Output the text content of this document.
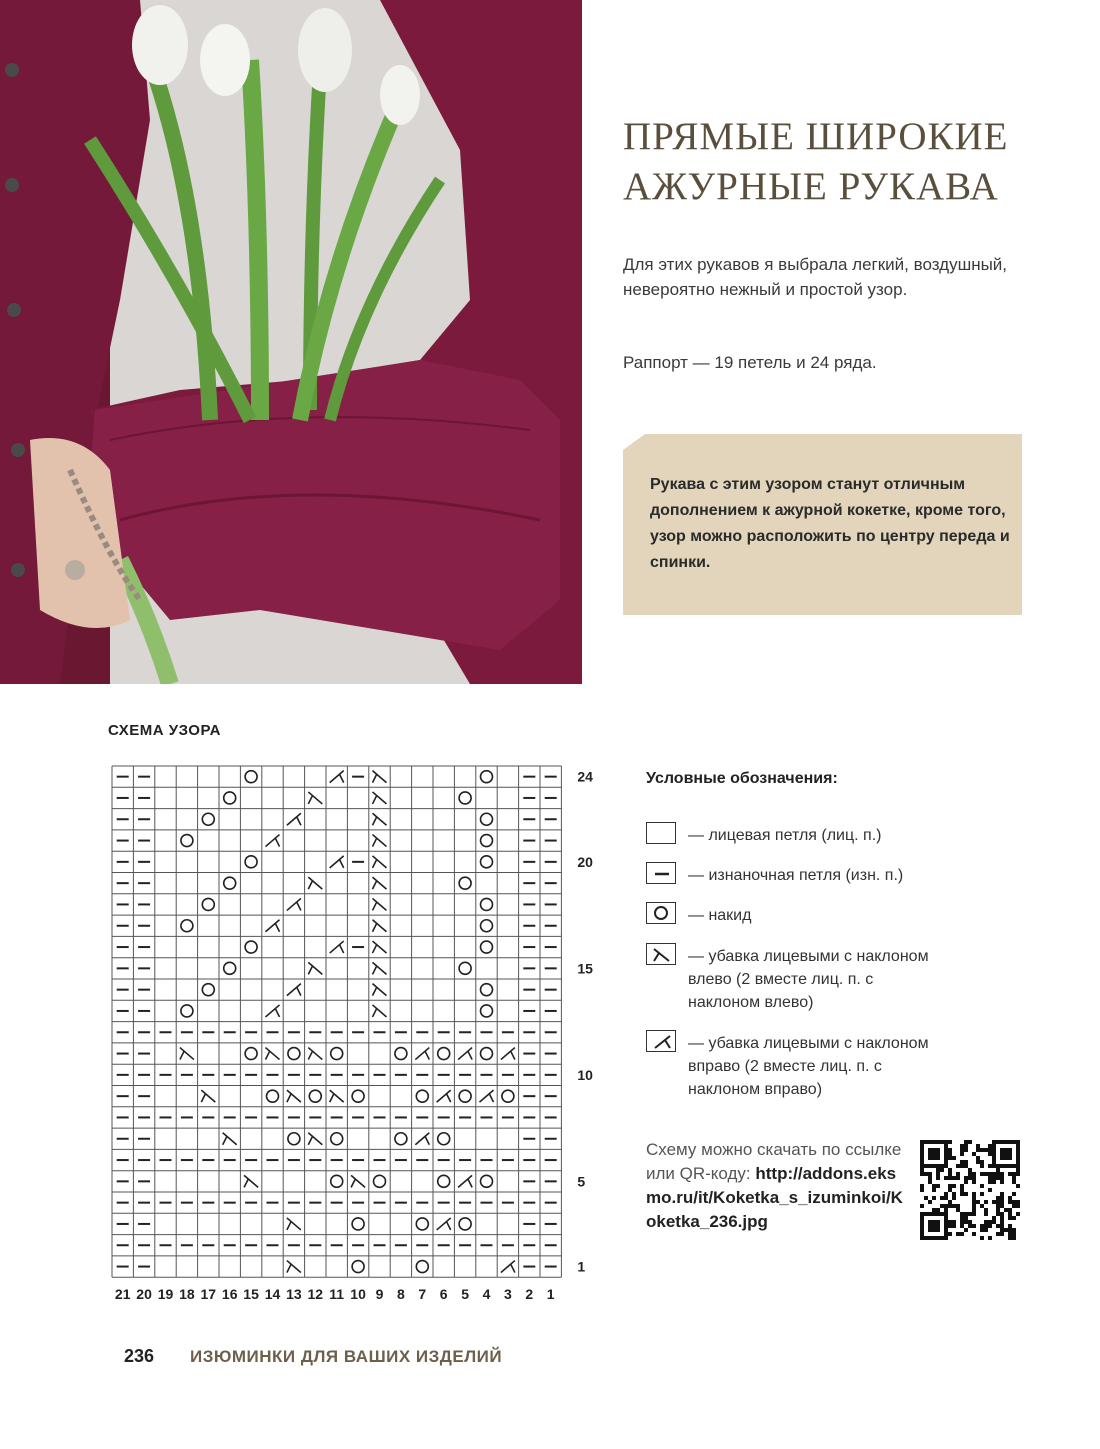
ПРЯМЫЕ ШИРОКИЕ
АЖУРНЫЕ РУКАВА

Для этих рукавов я выбрала легкий, воздушный, невероятно нежный и простой узор.

Раппорт — 19 петель и 24 ряда.

Рукава с этим узором станут отличным дополнением к ажурной кокетке, кроме того, узор можно расположить по центру переда и спинки.

СХЕМА УЗОРА

24
20
15
10
5
1
21 20 19 18 17 16 15 14 13 12 11 10 9 8 7 6 5 4 3 2 1

Условные обозначения:

— лицевая петля (лиц. п.)

— изнаночная петля (изн. п.)

— накид

— убавка лицевыми с наклоном влево (2 вместе лиц. п. с наклоном влево)

— убавка лицевыми с наклоном вправо (2 вместе лиц. п. с наклоном вправо)

Схему можно скачать по ссылке или QR-коду: http://addons.eksmo.ru/it/Koketka_s_izuminkoi/Koketka_236.jpg

236 ИЗЮМИНКИ ДЛЯ ВАШИХ ИЗДЕЛИЙ
